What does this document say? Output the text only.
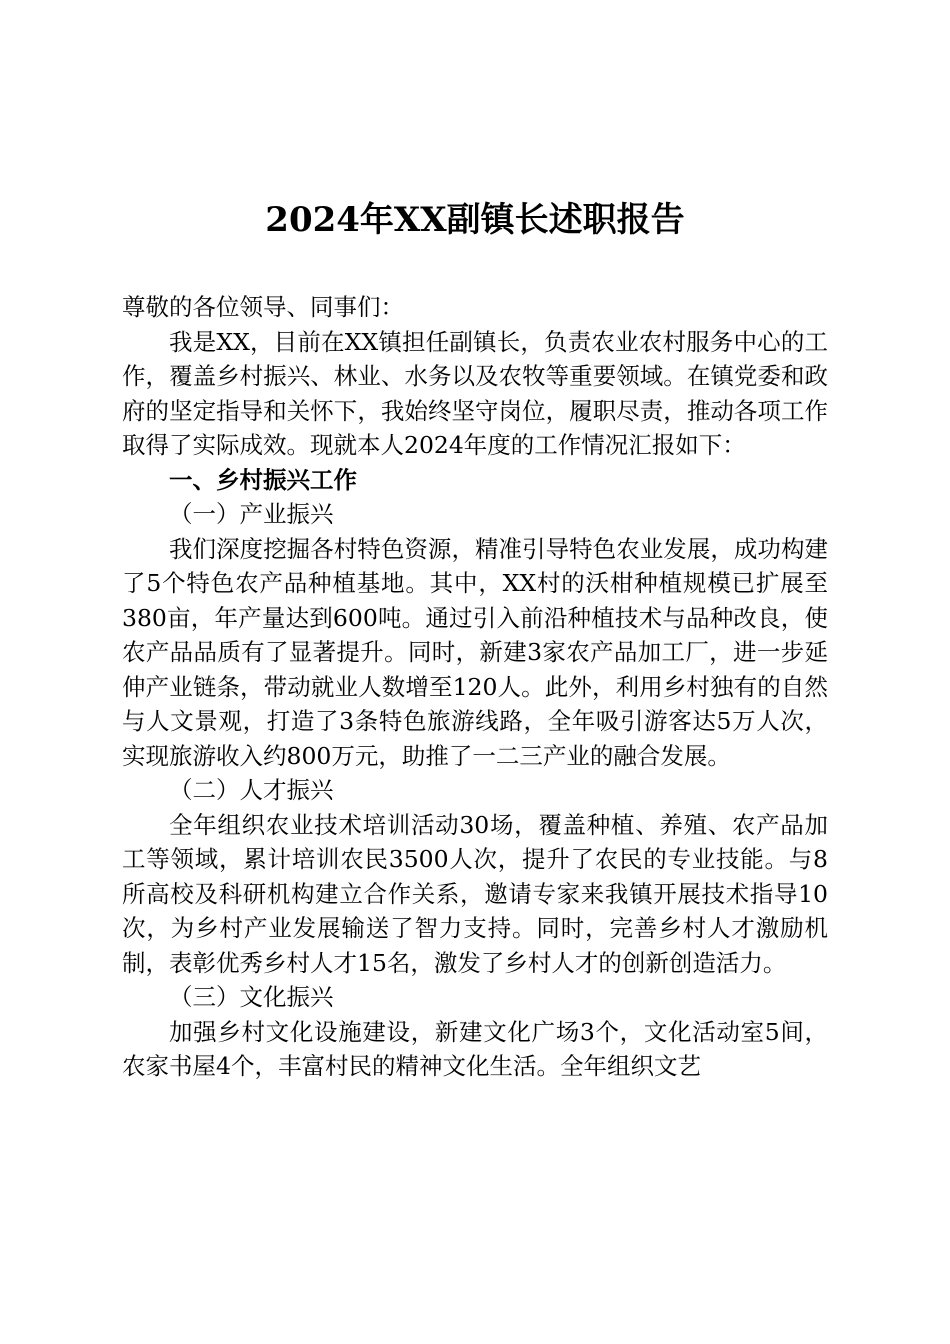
2024年XX副镇长述职报告

尊敬的各位领导、同事们：

我是XX，目前在XX镇担任副镇长，负责农业农村服务中心的工作，覆盖乡村振兴、林业、水务以及农牧等重要领域。在镇党委和政府的坚定指导和关怀下，我始终坚守岗位，履职尽责，推动各项工作取得了实际成效。现就本人2024年度的工作情况汇报如下：

一、乡村振兴工作

（一）产业振兴

我们深度挖掘各村特色资源，精准引导特色农业发展，成功构建了5个特色农产品种植基地。其中，XX村的沃柑种植规模已扩展至380亩，年产量达到600吨。通过引入前沿种植技术与品种改良，使农产品品质有了显著提升。同时，新建3家农产品加工厂，进一步延伸产业链条，带动就业人数增至120人。此外，利用乡村独有的自然与人文景观，打造了3条特色旅游线路，全年吸引游客达5万人次，实现旅游收入约800万元，助推了一二三产业的融合发展。

（二）人才振兴

全年组织农业技术培训活动30场，覆盖种植、养殖、农产品加工等领域，累计培训农民3500人次，提升了农民的专业技能。与8所高校及科研机构建立合作关系，邀请专家来我镇开展技术指导10次，为乡村产业发展输送了智力支持。同时，完善乡村人才激励机制，表彰优秀乡村人才15名，激发了乡村人才的创新创造活力。

（三）文化振兴

加强乡村文化设施建设，新建文化广场3个，文化活动室5间，农家书屋4个，丰富村民的精神文化生活。全年组织文艺
